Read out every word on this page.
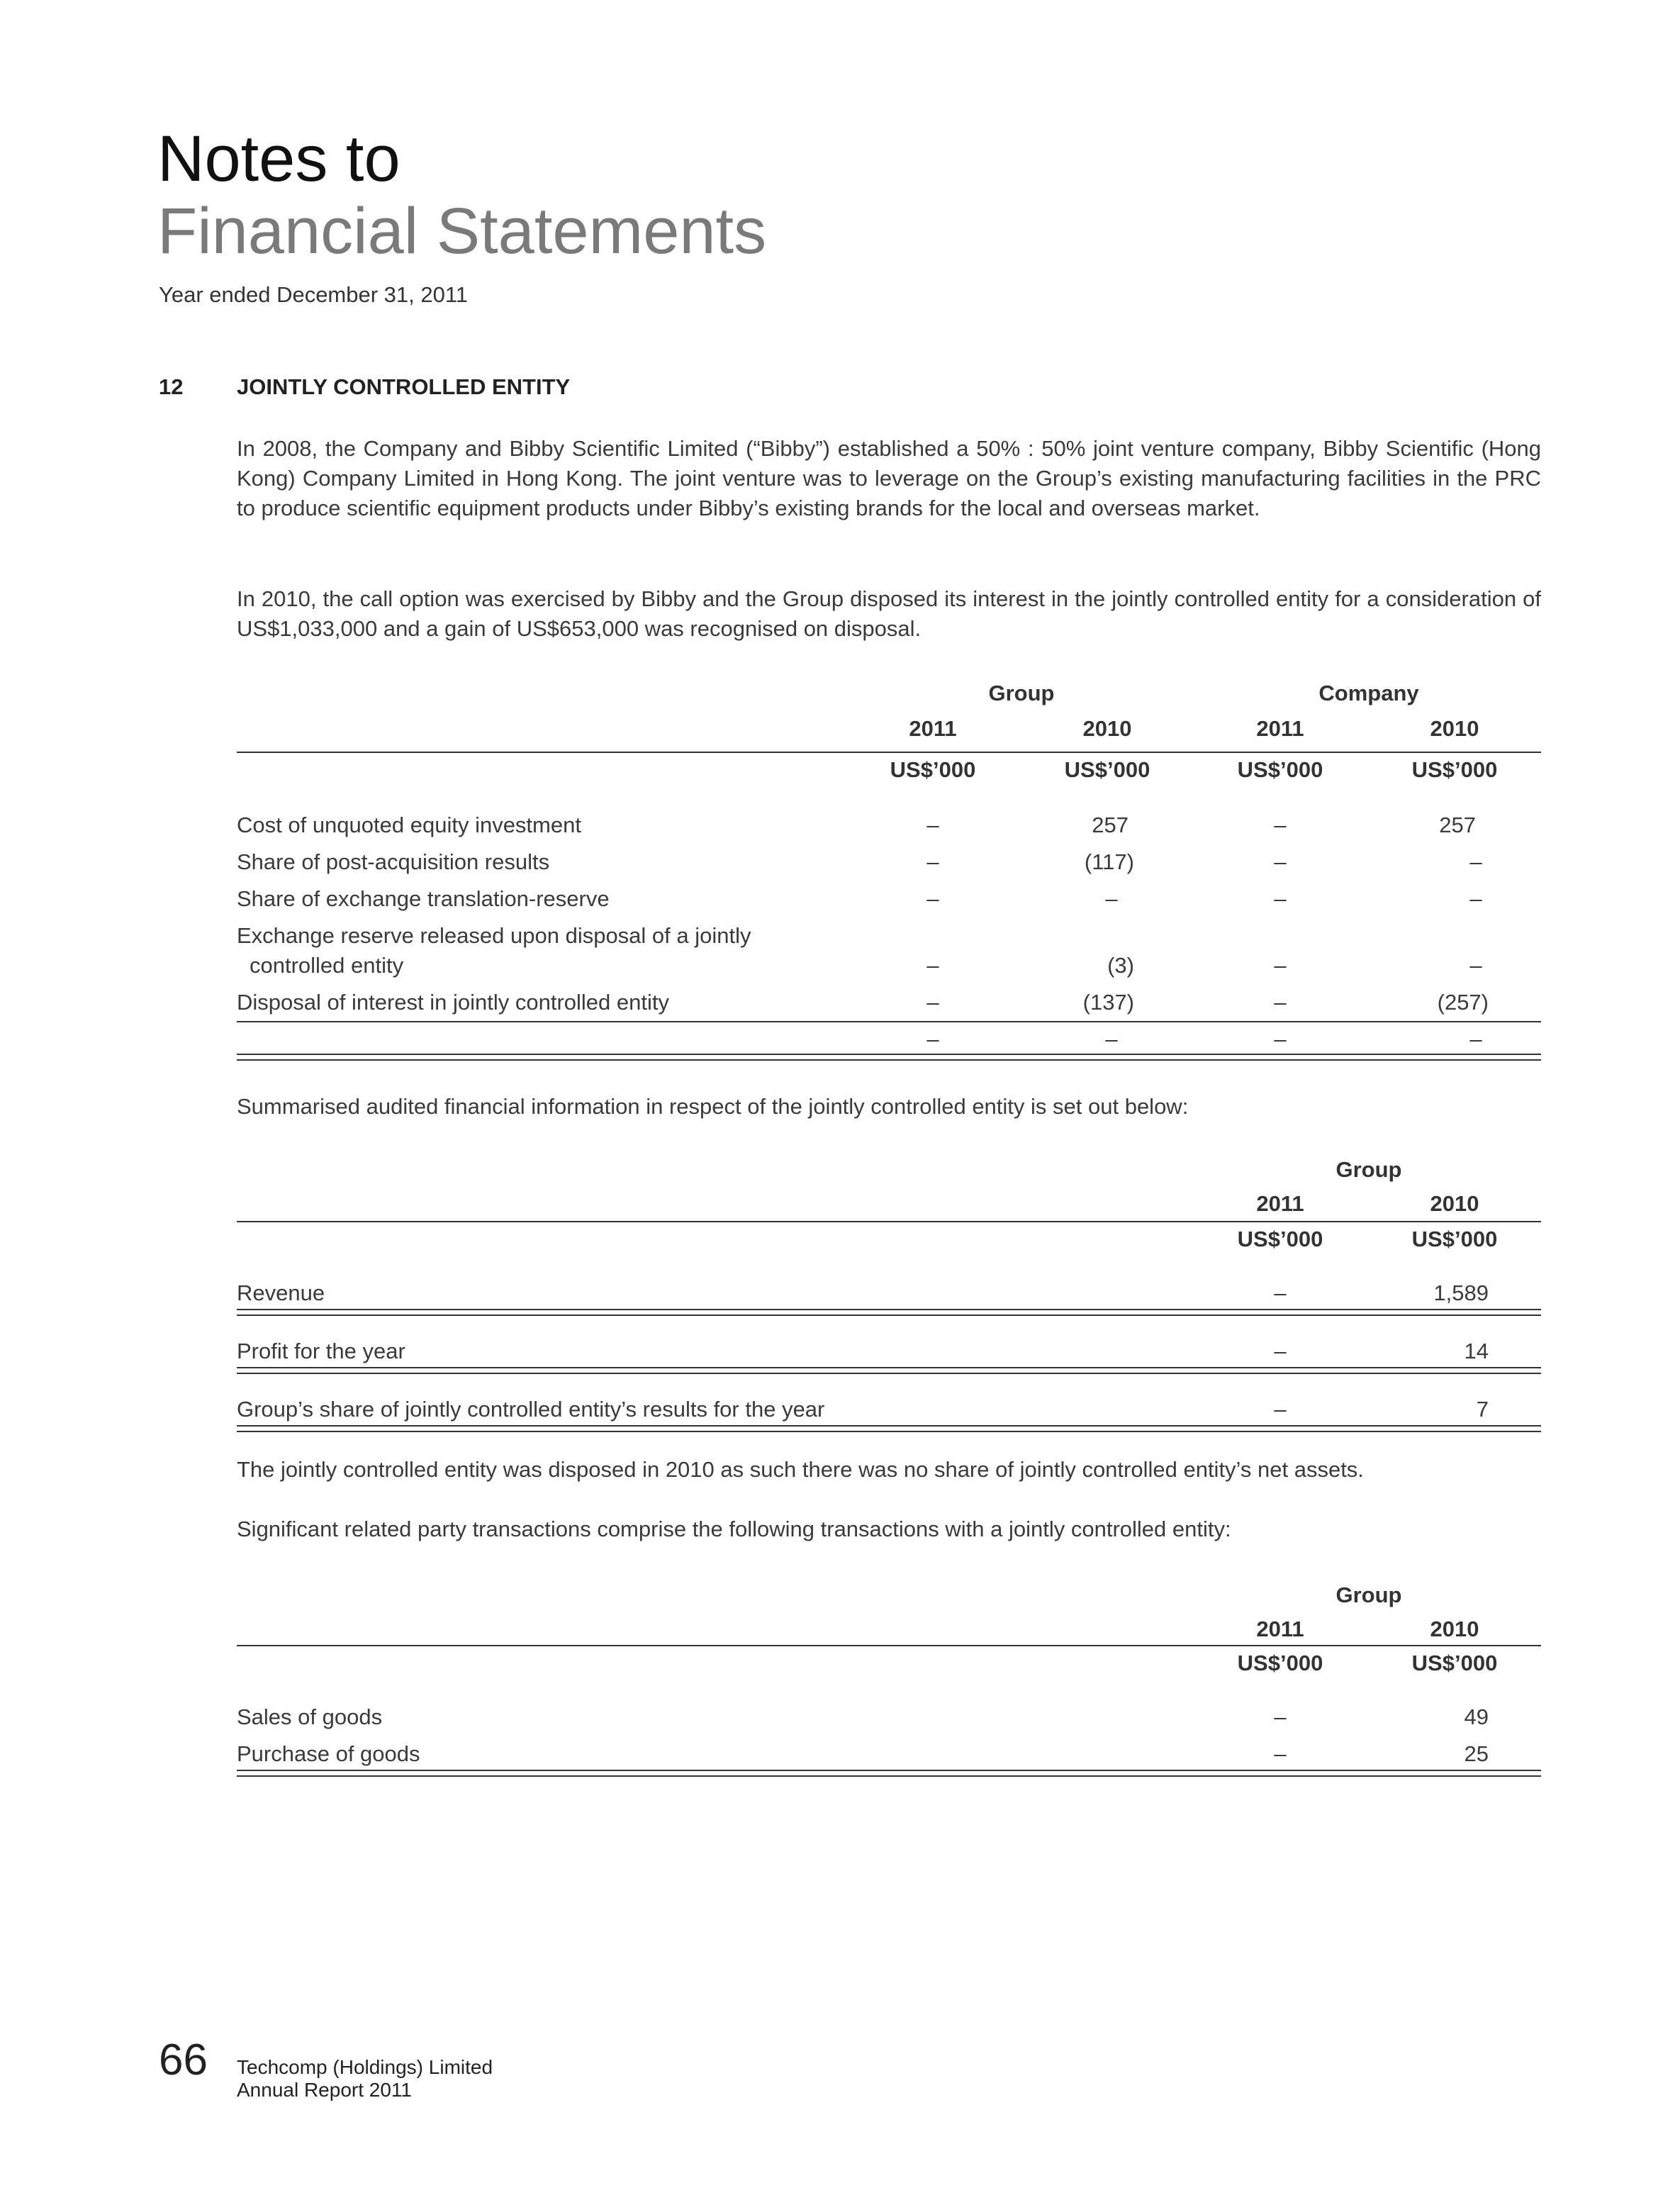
Notes to
Financial Statements
Year ended December 31, 2011
12 JOINTLY CONTROLLED ENTITY
In 2008, the Company and Bibby Scientific Limited (“Bibby”) established a 50% : 50% joint venture company, Bibby Scientific (Hong Kong) Company Limited in Hong Kong. The joint venture was to leverage on the Group’s existing manufacturing facilities in the PRC to produce scientific equipment products under Bibby’s existing brands for the local and overseas market.
In 2010, the call option was exercised by Bibby and the Group disposed its interest in the jointly controlled entity for a consideration of US$1,033,000 and a gain of US$653,000 was recognised on disposal.
Group	Company
2011	2010	2011	2010
US$’000	US$’000	US$’000	US$’000
Cost of unquoted equity investment	–	257	–	257
Share of post-acquisition results	–	(117)	–	–
Share of exchange translation-reserve	–	–	–	–
Exchange reserve released upon disposal of a jointly
controlled entity	–	(3)	–	–
Disposal of interest in jointly controlled entity	–	(137)	–	(257)
–	–	–	–
Summarised audited financial information in respect of the jointly controlled entity is set out below:
Group
2011	2010
US$’000	US$’000
Revenue	–	1,589
Profit for the year	–	14
Group’s share of jointly controlled entity’s results for the year	–	7
The jointly controlled entity was disposed in 2010 as such there was no share of jointly controlled entity’s net assets.
Significant related party transactions comprise the following transactions with a jointly controlled entity:
Group
2011	2010
US$’000	US$’000
Sales of goods	–	49
Purchase of goods	–	25
66 Techcomp (Holdings) Limited
Annual Report 2011
